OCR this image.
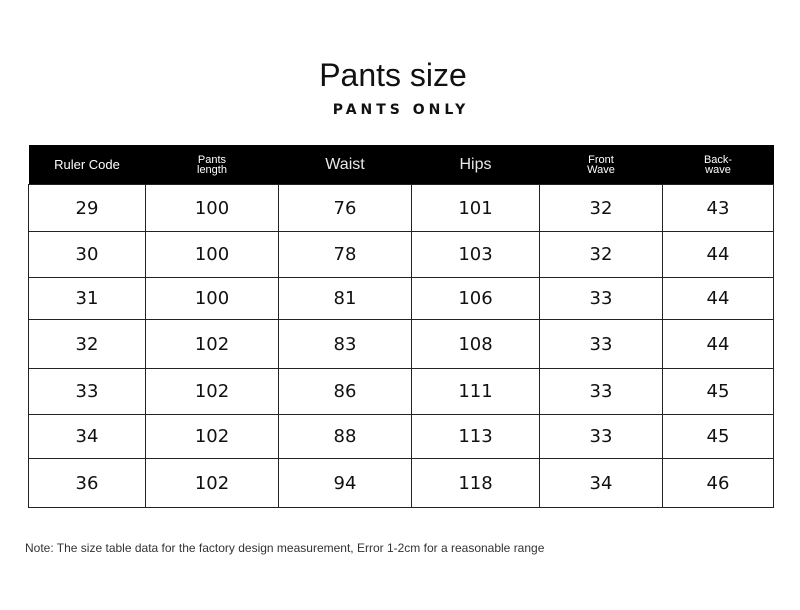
Pants size
PANTS ONLY
Ruler Code	Pants length	Waist	Hips	Front Wave	Back-wave
29	100	76	101	32	43
30	100	78	103	32	44
31	100	81	106	33	44
32	102	83	108	33	44
33	102	86	111	33	45
34	102	88	113	33	45
36	102	94	118	34	46
Note: The size table data for the factory design measurement, Error 1-2cm for a reasonable range
